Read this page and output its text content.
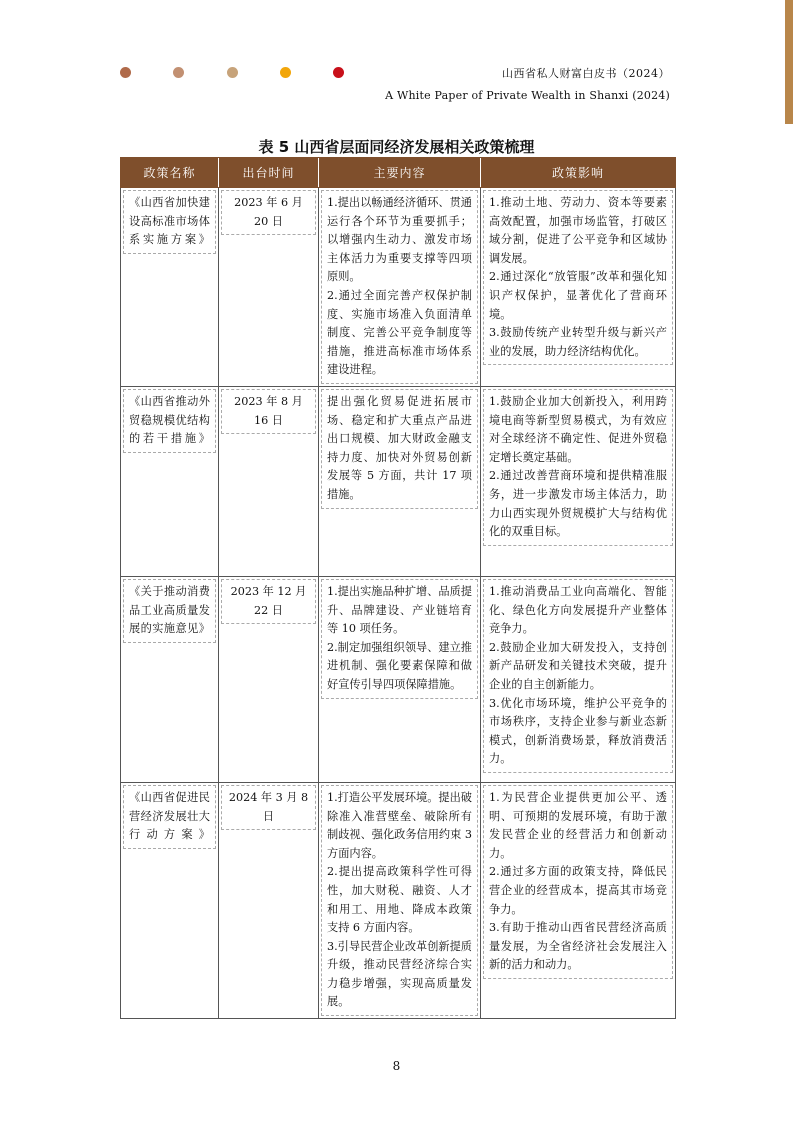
山西省私人财富白皮书（2024）
A White Paper of Private Wealth in Shanxi (2024)
表 5 山西省层面同经济发展相关政策梳理
政策名称	出台时间	主要内容	政策影响

《山西省加快建设高标准市场体系实施方案》	2023 年 6 月 20 日	1.提出以畅通经济循环、贯通运行各个环节为重要抓手；以增强内生动力、激发市场主体活力为重要支撑等四项原则。
2.通过全面完善产权保护制度、实施市场准入负面清单制度、完善公平竞争制度等措施，推进高标准市场体系建设进程。	1.推动土地、劳动力、资本等要素高效配置，加强市场监管，打破区域分割，促进了公平竞争和区域协调发展。
2.通过深化“放管服”改革和强化知识产权保护，显著优化了营商环境。
3.鼓励传统产业转型升级与新兴产业的发展，助力经济结构优化。

《山西省推动外贸稳规模优结构的若干措施》	2023 年 8 月 16 日	提出强化贸易促进拓展市场、稳定和扩大重点产品进出口规模、加大财政金融支持力度、加快对外贸易创新发展等 5 方面，共计 17 项措施。	1.鼓励企业加大创新投入，利用跨境电商等新型贸易模式，为有效应对全球经济不确定性、促进外贸稳定增长奠定基础。
2.通过改善营商环境和提供精准服务，进一步激发市场主体活力，助力山西实现外贸规模扩大与结构优化的双重目标。

《关于推动消费品工业高质量发展的实施意见》	2023 年 12 月 22 日	1.提出实施品种扩增、品质提升、品牌建设、产业链培育等 10 项任务。
2.制定加强组织领导、建立推进机制、强化要素保障和做好宣传引导四项保障措施。	1.推动消费品工业向高端化、智能化、绿色化方向发展提升产业整体竞争力。
2.鼓励企业加大研发投入，支持创新产品研发和关键技术突破，提升企业的自主创新能力。
3.优化市场环境，维护公平竞争的市场秩序，支持企业参与新业态新模式，创新消费场景，释放消费活力。

《山西省促进民营经济发展壮大行动方案》	2024 年 3 月 8 日	1.打造公平发展环境。提出破除准入准营壁垒、破除所有制歧视、强化政务信用约束 3 方面内容。
2.提出提高政策科学性可得性，加大财税、融资、人才和用工、用地、降成本政策支持 6 方面内容。
3.引导民营企业改革创新提质升级，推动民营经济综合实力稳步增强，实现高质量发展。	1.为民营企业提供更加公平、透明、可预期的发展环境，有助于激发民营企业的经营活力和创新动力。
2.通过多方面的政策支持，降低民营企业的经营成本，提高其市场竞争力。
3.有助于推动山西省民营经济高质量发展，为全省经济社会发展注入新的活力和动力。
8
